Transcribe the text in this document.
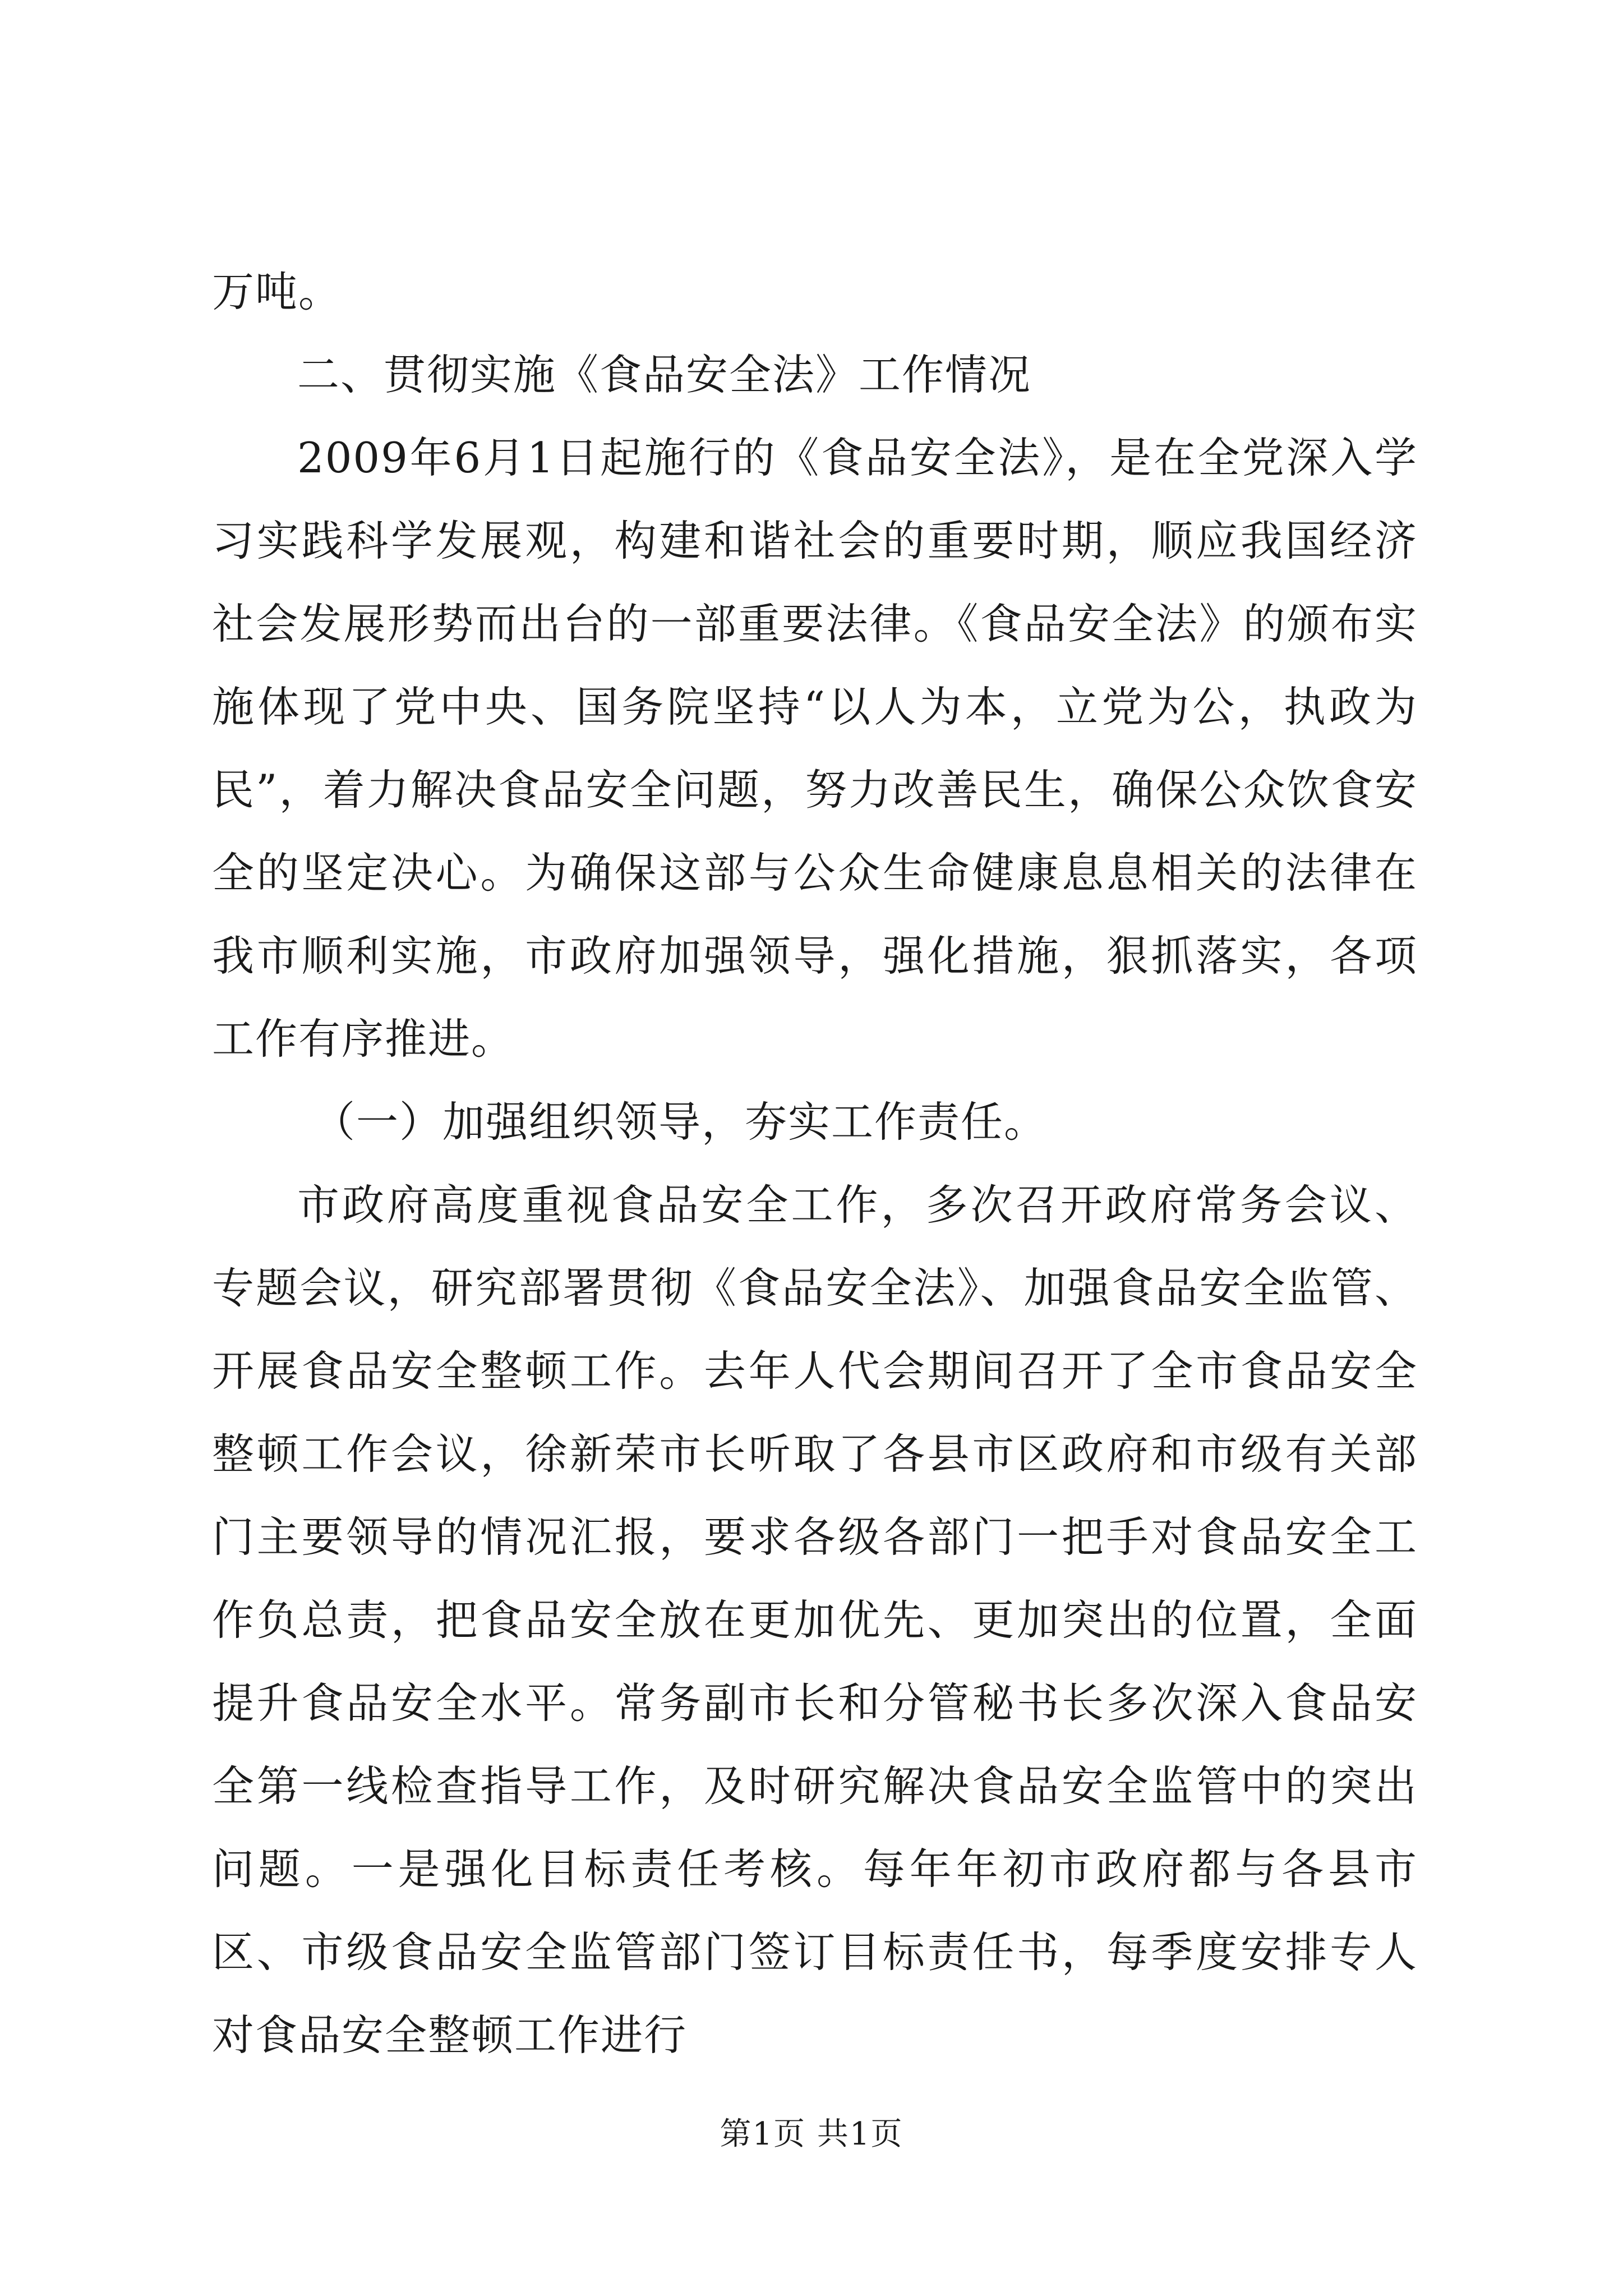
万吨。

二、贯彻实施《食品安全法》工作情况

2009年6月1日起施行的《食品安全法》，是在全党深入学习实践科学发展观，构建和谐社会的重要时期，顺应我国经济社会发展形势而出台的一部重要法律。《食品安全法》的颁布实施体现了党中央、国务院坚持“以人为本，立党为公，执政为民”，着力解决食品安全问题，努力改善民生，确保公众饮食安全的坚定决心。为确保这部与公众生命健康息息相关的法律在我市顺利实施，市政府加强领导，强化措施，狠抓落实，各项工作有序推进。

（一）加强组织领导，夯实工作责任。

市政府高度重视食品安全工作，多次召开政府常务会议、专题会议，研究部署贯彻《食品安全法》、加强食品安全监管、开展食品安全整顿工作。去年人代会期间召开了全市食品安全整顿工作会议，徐新荣市长听取了各县市区政府和市级有关部门主要领导的情况汇报，要求各级各部门一把手对食品安全工作负总责，把食品安全放在更加优先、更加突出的位置，全面提升食品安全水平。常务副市长和分管秘书长多次深入食品安全第一线检查指导工作，及时研究解决食品安全监管中的突出问题。一是强化目标责任考核。每年年初市政府都与各县市区、市级食品安全监管部门签订目标责任书，每季度安排专人对食品安全整顿工作进行

第1页 共1页
